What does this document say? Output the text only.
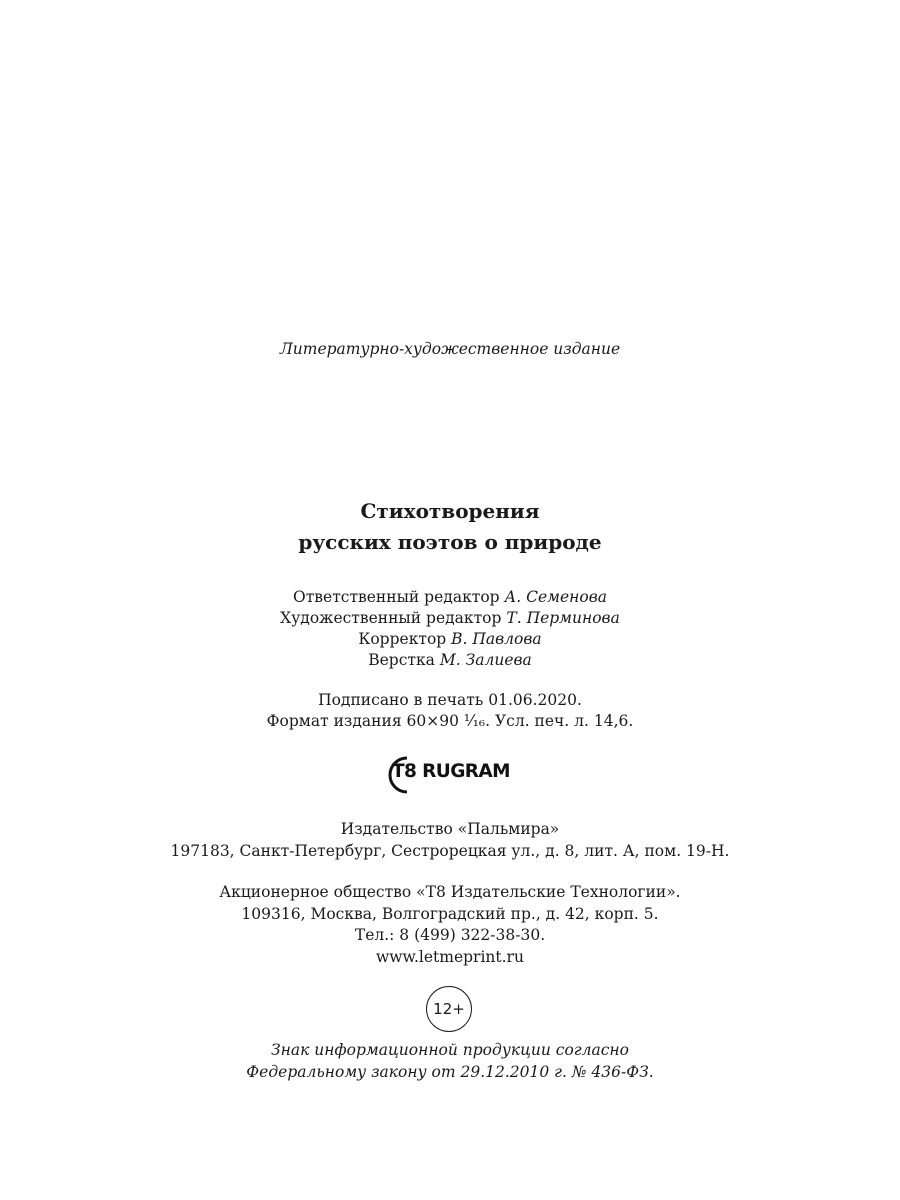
Литературно-художественное издание
Стихотворения
русских поэтов о природе
Ответственный редактор А. Семенова
Художественный редактор Т. Перминова
Корректор В. Павлова
Верстка М. Залиева
Подписано в печать 01.06.2020.
Формат издания 60×90 ¹⁄₁₆. Усл. печ. л. 14,6.
T8 RUGRAM
Издательство «Пальмира»
197183, Санкт-Петербург, Сестрорецкая ул., д. 8, лит. А, пом. 19-Н.
Акционерное общество «Т8 Издательские Технологии».
109316, Москва, Волгоградский пр., д. 42, корп. 5.
Тел.: 8 (499) 322-38-30.
www.letmeprint.ru
12+
Знак информационной продукции согласно
Федеральному закону от 29.12.2010 г. № 436-ФЗ.
